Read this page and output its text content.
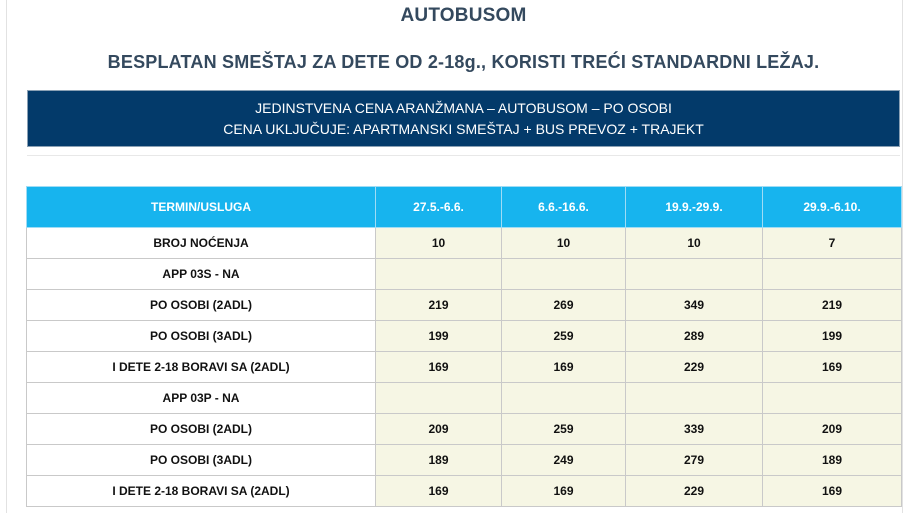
AUTOBUSOM
BESPLATAN SMEŠTAJ ZA DETE OD 2-18g., KORISTI TREĆI STANDARDNI LEŽAJ.
JEDINSTVENA CENA ARANŽMANA – AUTOBUSOM – PO OSOBI
CENA UKLJUČUJE: APARTMANSKI SMEŠTAJ + BUS PREVOZ + TRAJEKT
TERMIN/USLUGA	27.5.-6.6.	6.6.-16.6.	19.9.-29.9.	29.9.-6.10.
BROJ NOĆENJA	10	10	10	7
APP 03S - NA				
PO OSOBI (2ADL)	219	269	349	219
PO OSOBI (3ADL)	199	259	289	199
I DETE 2-18 BORAVI SA (2ADL)	169	169	229	169
APP 03P - NA				
PO OSOBI (2ADL)	209	259	339	209
PO OSOBI (3ADL)	189	249	279	189
I DETE 2-18 BORAVI SA (2ADL)	169	169	229	169
